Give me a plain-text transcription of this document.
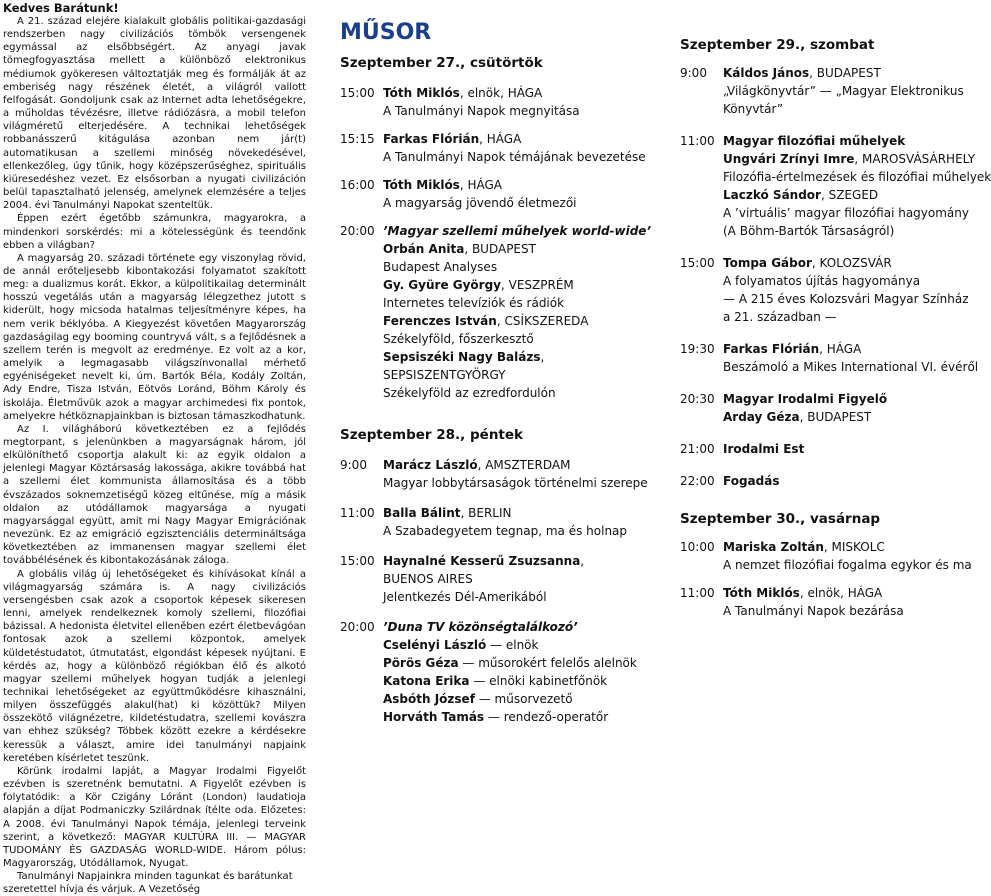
Kedves Barátunk!

A 21. század elejére kialakult globális politikai-gazdasági rendszerben nagy civilizációs tömbök versengenek egymással az elsőbbségért. Az anyagi javak tömegfogyasztása mellett a különböző elektronikus médiumok gyökeresen változtatják meg és formálják át az emberiség nagy részének életét, a világról vallott felfogását. Gondoljunk csak az Internet adta lehetőségekre, a műholdas tévézésre, illetve rádiózásra, a mobil telefon világméretű elterjedésére. A technikai lehetőségek robbanásszerű kitágulása azonban nem jár(t) automatikusan a szellemi minőség növekedésével, ellenkezőleg, úgy tűnik, hogy középszerűséghez, spirituális kiüresedéshez vezet. Ez elsősorban a nyugati civilizáción belül tapasztalható jelenség, amelynek elemzésére a teljes 2004. évi Tanulmányi Napokat szenteltük.

Éppen ezért égetőbb számunkra, magyarokra, a mindenkori sorskérdés: mi a kötelességünk és teendőnk ebben a világban?

A magyarság 20. századi története egy viszonylag rövid, de annál erőteljesebb kibontakozási folyamatot szakított meg: a dualizmus korát. Ekkor, a külpolitikailag determinált hosszú vegetálás után a magyarság lélegzethez jutott s kiderült, hogy micsoda hatalmas teljesítményre képes, ha nem verik béklyóba. A Kiegyezést követően Magyarország gazdaságilag egy booming countryvá vált, s a fejlődésnek a szellem terén is megvolt az eredménye. Ez volt az a kor, amelyik a legmagasabb világszínvonallal mérhető egyéniségeket nevelt ki, úm. Bartók Béla, Kodály Zoltán, Ady Endre, Tisza István, Eötvös Loránd, Böhm Károly és iskolája. Életművük azok a magyar archimedesi fix pontok, amelyekre hétköznapjainkban is biztosan támaszkodhatunk.

Az I. világháború következtében ez a fejlődés megtorpant, s jelenünkben a magyarságnak három, jól elkülöníthető csoportja alakult ki: az egyik oldalon a jelenlegi Magyar Köztársaság lakossága, akikre továbbá hat a szellemi élet kommunista államosítása és a több évszázados soknemzetiségű közeg eltűnése, míg a másik oldalon az utódállamok magyarsága a nyugati magyarsággal együtt, amit mi Nagy Magyar Emigrációnak nevezünk. Ez az emigráció egzisztenciális determináltsága következtében az immanensen magyar szellemi élet továbbélésének és kibontakozásának záloga.

A globális világ új lehetőségeket és kihívásokat kínál a világmagyarság számára is. A nagy civilizációs versengésben csak azok a csoportok képesek sikeresen lenni, amelyek rendelkeznek komoly szellemi, filozófiai bázissal. A hedonista életvitel elleněben ezért életbevágóan fontosak azok a szellemi központok, amelyek küldetéstudatot, útmutatást, elgondást képesek nyújtani. E kérdés az, hogy a különböző régiókban élő és alkotó magyar szellemi műhelyek hogyan tudják a jelenlegi technikai lehetőségeket az együttműködésre kihasználni, milyen összefüggés alakul(hat) ki közöttük? Milyen összekötő világnézetre, kildetéstudatra, szellemi kovászra van ehhez szükség? Többek között ezekre a kérdésekre keressük a választ, amire idei tanulmányi napjaink keretében kísérletet teszünk.

Körünk irodalmi lapját, a Magyar Irodalmi Figyelőt ezévben is szeretnénk bemutatni. A Figyelőt ezévben is folytatódik: a Kör Czigány Lóránt (London) laudatioja alapján a díjat Podmaniczky Szilárdnak ítélte oda. Előzetes: A 2008. évi Tanulmányi Napok témája, jelenlegi terveink szerint, a következő: MAGYAR KULTÚRA III. — MAGYAR TUDOMÁNY ÉS GAZDASÁG WORLD-WIDE. Három pólus: Magyarország, Utódállamok, Nyugat.

Tanulmányi Napjainkra minden tagunkat és barátunkat szeretettel hívja és várjuk. A Vezetőség

MŰSOR
Szeptember 27., csütörtök
15:00 Tóth Miklós, elnök, HÁGA
A Tanulmányi Napok megnyitása
15:15 Farkas Flórián, HÁGA
A Tanulmányi Napok témájának bevezetése
16:00 Tóth Miklós, HÁGA
A magyarság jövendő életmezői
20:00 ’Magyar szellemi műhelyek world-wide’
Orbán Anita, BUDAPEST
Budapest Analyses
Gy. Gyüre György, VESZPRÉM
Internetes televíziók és rádiók
Ferenczes István, CSÍKSZEREDA
Székelyföld, főszerkesztő
Sepsiszéki Nagy Balázs,
SEPSISZENTGYÖRGY
Székelyföld az ezredfordulón
Szeptember 28., péntek
9:00	Marácz László, AMSZTERDAM
Magyar lobbytársaságok történelmi szerepe
11:00 Balla Bálint, BERLIN
A Szabadegyetem tegnap, ma és holnap
15:00 Haynalné Kesserű Zsuzsanna,
BUENOS AIRES
Jelentkezés Dél-Amerikából
20:00 ’Duna TV közönségtalálkozó’
Cselényi László — elnök
Pörös Géza — műsorokért felelős alelnök
Katona Erika — elnöki kabinetfőnök
Asbóth József — műsorvezető
Horváth Tamás — rendező-operatőr
Szeptember 29., szombat
9:00	Káldos János, BUDAPEST
„Világkönyvtár” — „Magyar Elektronikus
Könyvtár”
11:00 Magyar filozófiai műhelyek
Ungvári Zrínyi Imre, MAROSVÁSÁRHELY
Filozófia-értelmezések és filozófiai műhelyek
Laczkó Sándor, SZEGED
A ’virtuális’ magyar filozófiai hagyomány
(A Böhm-Bartók Társaságról)
15:00 Tompa Gábor, KOLOZSVÁR
A folyamatos újítás hagyománya
— A 215 éves Kolozsvári Magyar Színház
a 21. században —
19:30 Farkas Flórián, HÁGA
Beszámoló a Mikes International VI. évéről
20:30 Magyar Irodalmi Figyelő
Arday Géza, BUDAPEST
21:00 Irodalmi Est
22:00 Fogadás
Szeptember 30., vasárnap
10:00 Mariska Zoltán, MISKOLC
A nemzet filozófiai fogalma egykor és ma
11:00 Tóth Miklós, elnök, HÁGA
A Tanulmányi Napok bezárása
